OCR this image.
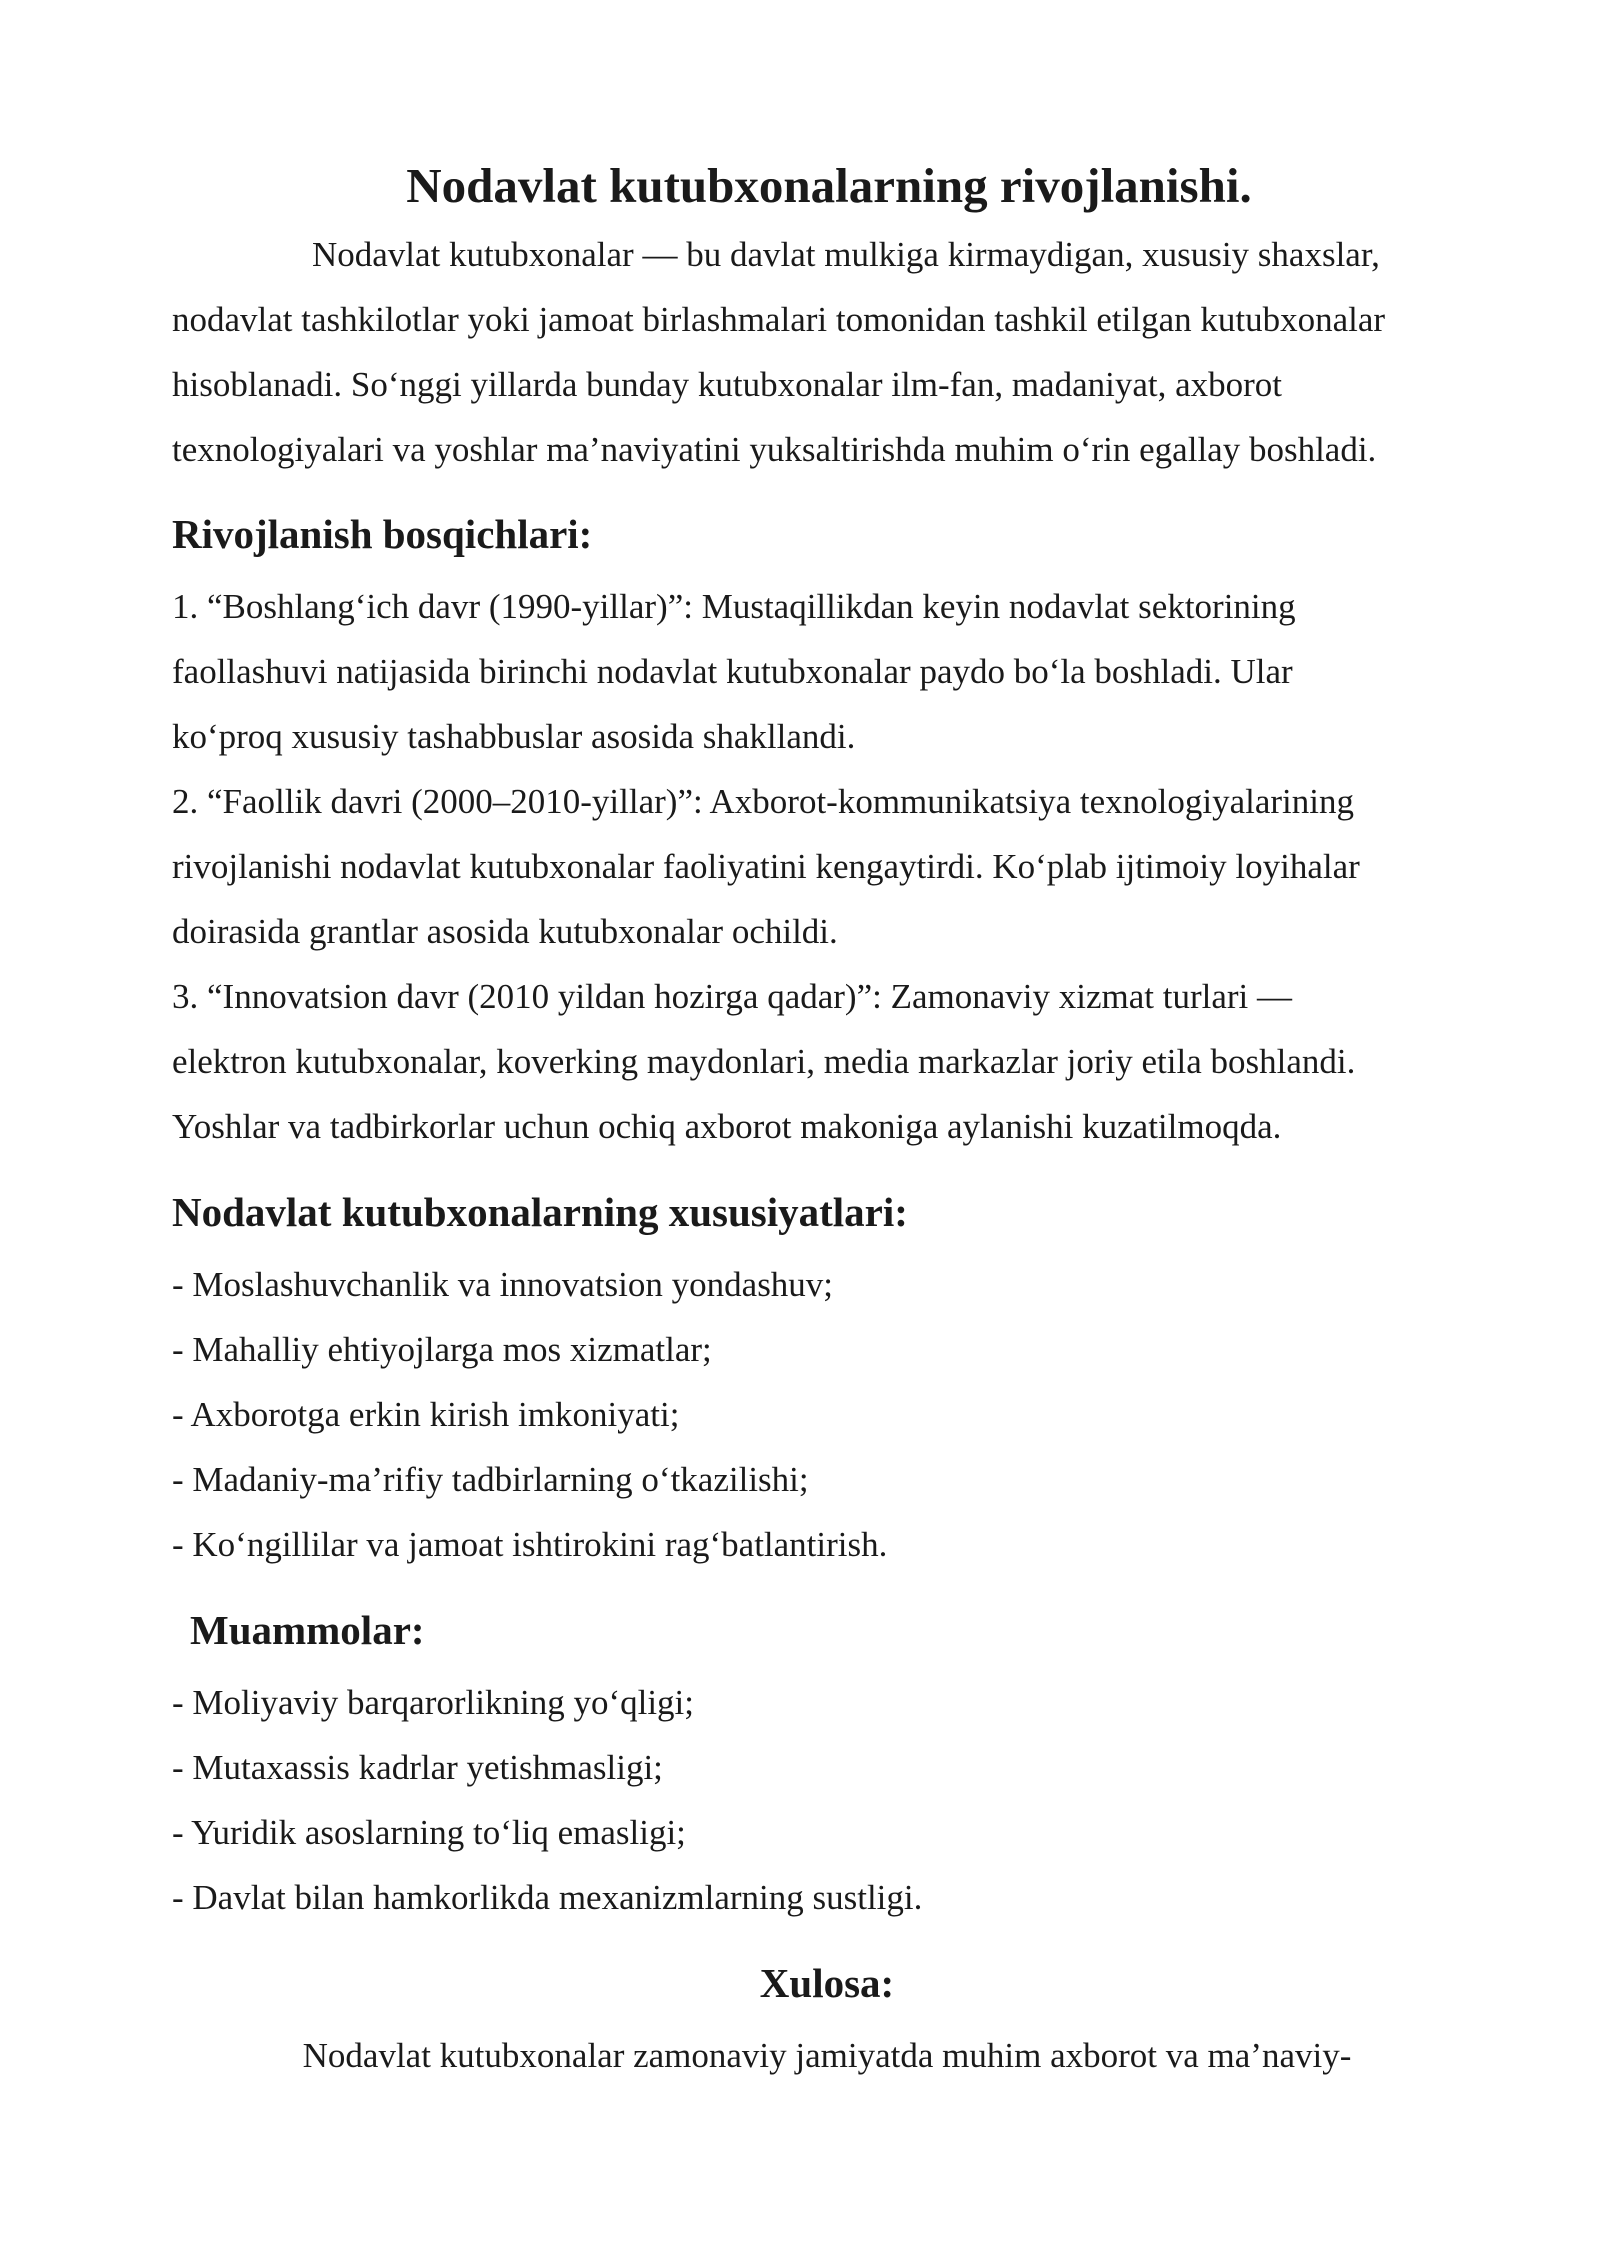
Nodavlat kutubxonalarning rivojlanishi.

Nodavlat kutubxonalar — bu davlat mulkiga kirmaydigan, xususiy shaxslar,

nodavlat tashkilotlar yoki jamoat birlashmalari tomonidan tashkil etilgan kutubxonalar

hisoblanadi. So‘nggi yillarda bunday kutubxonalar ilm-fan, madaniyat, axborot

texnologiyalari va yoshlar ma’naviyatini yuksaltirishda muhim o‘rin egallay boshladi.

Rivojlanish bosqichlari:

1. “Boshlang‘ich davr (1990-yillar)”: Mustaqillikdan keyin nodavlat sektorining

faollashuvi natijasida birinchi nodavlat kutubxonalar paydo bo‘la boshladi. Ular

ko‘proq xususiy tashabbuslar asosida shakllandi.

2. “Faollik davri (2000–2010-yillar)”: Axborot-kommunikatsiya texnologiyalarining

rivojlanishi nodavlat kutubxonalar faoliyatini kengaytirdi. Ko‘plab ijtimoiy loyihalar

doirasida grantlar asosida kutubxonalar ochildi.

3. “Innovatsion davr (2010 yildan hozirga qadar)”: Zamonaviy xizmat turlari —

elektron kutubxonalar, koverking maydonlari, media markazlar joriy etila boshlandi.

Yoshlar va tadbirkorlar uchun ochiq axborot makoniga aylanishi kuzatilmoqda.

Nodavlat kutubxonalarning xususiyatlari:

- Moslashuvchanlik va innovatsion yondashuv;

- Mahalliy ehtiyojlarga mos xizmatlar;

- Axborotga erkin kirish imkoniyati;

- Madaniy-ma’rifiy tadbirlarning o‘tkazilishi;

- Ko‘ngillilar va jamoat ishtirokini rag‘batlantirish.

Muammolar:

- Moliyaviy barqarorlikning yo‘qligi;

- Mutaxassis kadrlar yetishmasligi;

- Yuridik asoslarning to‘liq emasligi;

- Davlat bilan hamkorlikda mexanizmlarning sustligi.

Xulosa:

Nodavlat kutubxonalar zamonaviy jamiyatda muhim axborot va ma’naviy-
